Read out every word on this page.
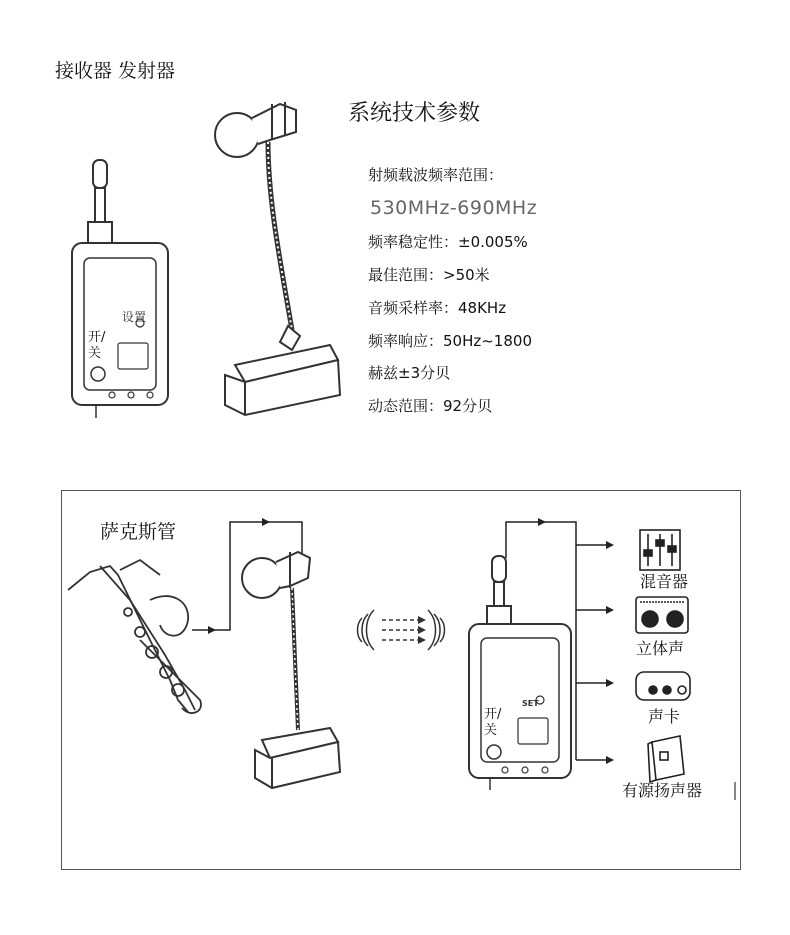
接收器 发射器
系统技术参数
射频载波频率范围：
530MHz-690MHz
频率稳定性：±0.005%
最佳范围：>50米
音频采样率：48KHz
频率响应：50Hz~1800
赫兹±3分贝
动态范围：92分贝
设置
开/
关
萨克斯管
SET
开/
关
混音器
立体声
声卡
有源扬声器
